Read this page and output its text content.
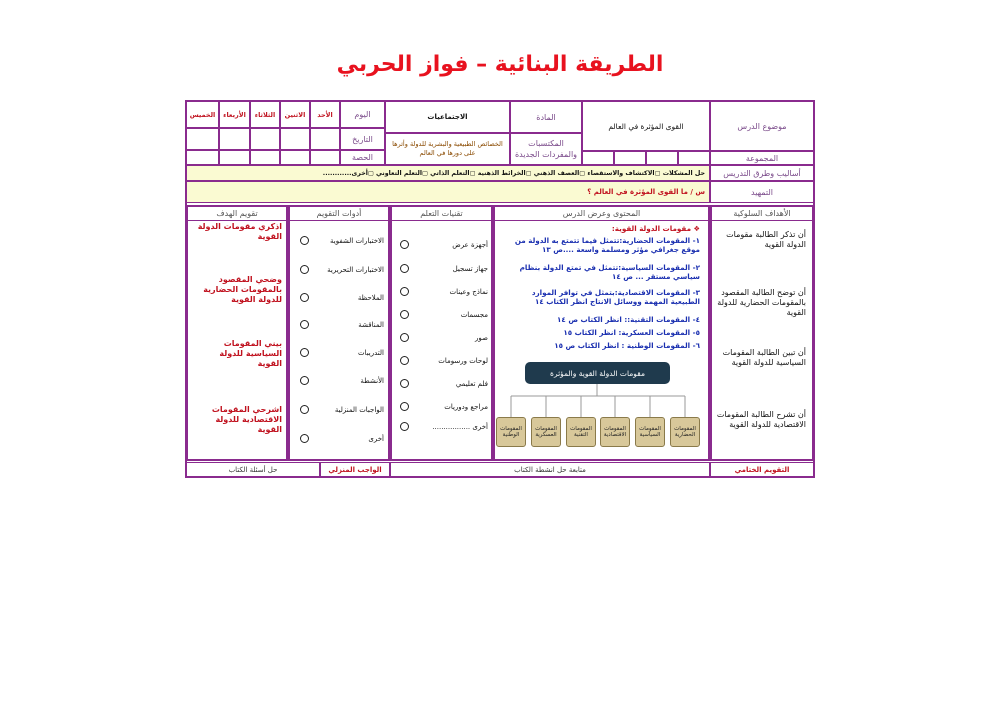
الطريقة البنائية – فواز الحربي
موضوع الدرس
القوى المؤثرة في العالم
المادة
الاجتماعيات
المكتسبات والمفردات الجديدة
الخصائص الطبيعية والبشرية للدولة وأثرها على دورها في العالم
المجموعة
اليوم
التاريخ
الحصة
الأحد
الاثنين
الثلاثاء
الأربعاء
الخميس
أساليب وطرق التدريس
حل المشكلات ▢الاكتشاف والاستقصاء ▢العصف الذهني ▢الخرائط الذهنية ▢التعلم الذاتي ▢التعلم التعاوني ▢أخرى............
التمهيد
س / ما القوى المؤثرة في العالم ؟
الأهداف السلوكية
المحتوى وعرض الدرس
تقنيات التعلم
أدوات التقويم
تقويم الهدف
أن تذكر الطالبة مقومات الدولة القوية
أن توضح الطالبة المقصود بالمقومات الحضارية للدولة القوية
أن تبين الطالبة المقومات السياسية للدولة القوية
أن تشرح الطالبة المقومات الاقتصادية للدولة القوية
❖ مقومات الدولة القوية:
١- المقومات الحضارية:تتمثل فيما تتمتع به الدولة من موقع جغرافي مؤثر ومسلمة واسعة ....ص ١٣
٢- المقومات السياسية:تتمثل في تمتع الدولة بنظام سياسي مستقر ... ص ١٤
٣- المقومات الاقتصادية:بتمثل في توافر الموارد الطبيعية المهمة ووسائل الانتاج انظر الكتاب ١٤
٤- المقومات التقنية:: انظر الكتاب ص ١٤
٥- المقومات العسكرية: انظر الكتاب ١٥
٦- المقومات الوطنية : انظر الكتاب ص ١٥
مقومات الدولة القوية والمؤثرة
المقومات الحضارية
المقومات السياسية
المقومات الاقتصادية
المقومات التقنية
المقومات العسكرية
المقومات الوطنية
أجهزة عرض
جهاز تسجيل
نماذج وعينات
مجسمات
صور
لوحات ورسومات
فلم تعليمي
مراجع ودوريات
أخرى .................
الاختبارات الشفوية
الاختبارات التحريرية
الملاحظة
المناقشة
التدريبات
الأنشطة
الواجبات المنزلية
أخرى
اذكري مقومات الدولة القوية
وضحي المقصود بالمقومات الحضارية للدولة القوية
بيني المقومات السياسية للدولة القوية
اشرحي المقومات الاقتصادية للدولة القوية
التقويم الختامي
متابعة حل انشطة الكتاب
الواجب المنزلي
حل أسئلة الكتاب
